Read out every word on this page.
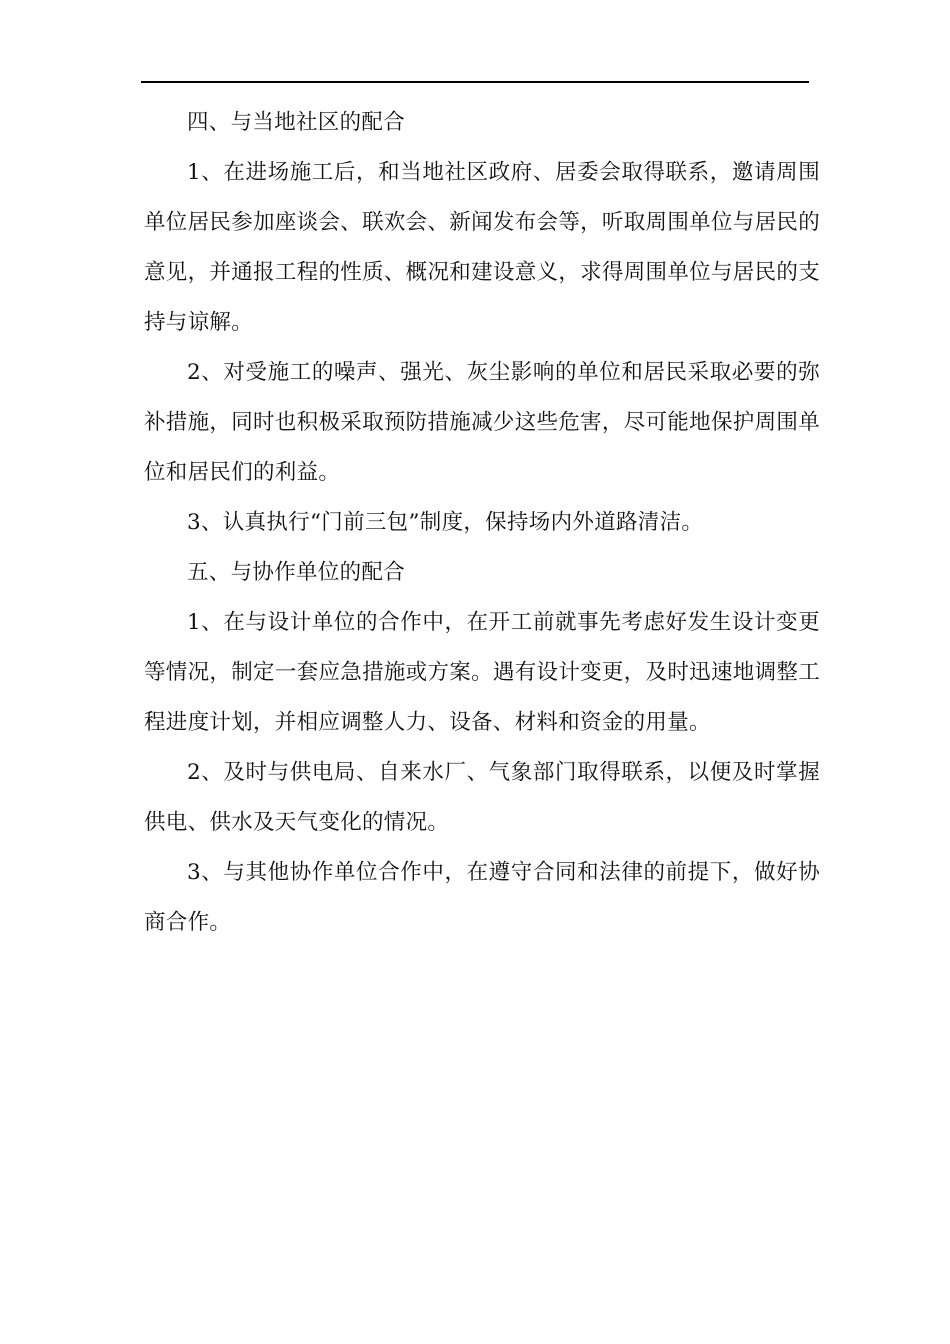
四、与当地社区的配合

1、在进场施工后，和当地社区政府、居委会取得联系，邀请周围单位居民参加座谈会、联欢会、新闻发布会等，听取周围单位与居民的意见，并通报工程的性质、概况和建设意义，求得周围单位与居民的支持与谅解。

2、对受施工的噪声、强光、灰尘影响的单位和居民采取必要的弥补措施，同时也积极采取预防措施减少这些危害，尽可能地保护周围单位和居民们的利益。

3、认真执行“门前三包”制度，保持场内外道路清洁。

五、与协作单位的配合

1、在与设计单位的合作中，在开工前就事先考虑好发生设计变更等情况，制定一套应急措施或方案。遇有设计变更，及时迅速地调整工程进度计划，并相应调整人力、设备、材料和资金的用量。

2、及时与供电局、自来水厂、气象部门取得联系，以便及时掌握供电、供水及天气变化的情况。

3、与其他协作单位合作中，在遵守合同和法律的前提下，做好协商合作。
